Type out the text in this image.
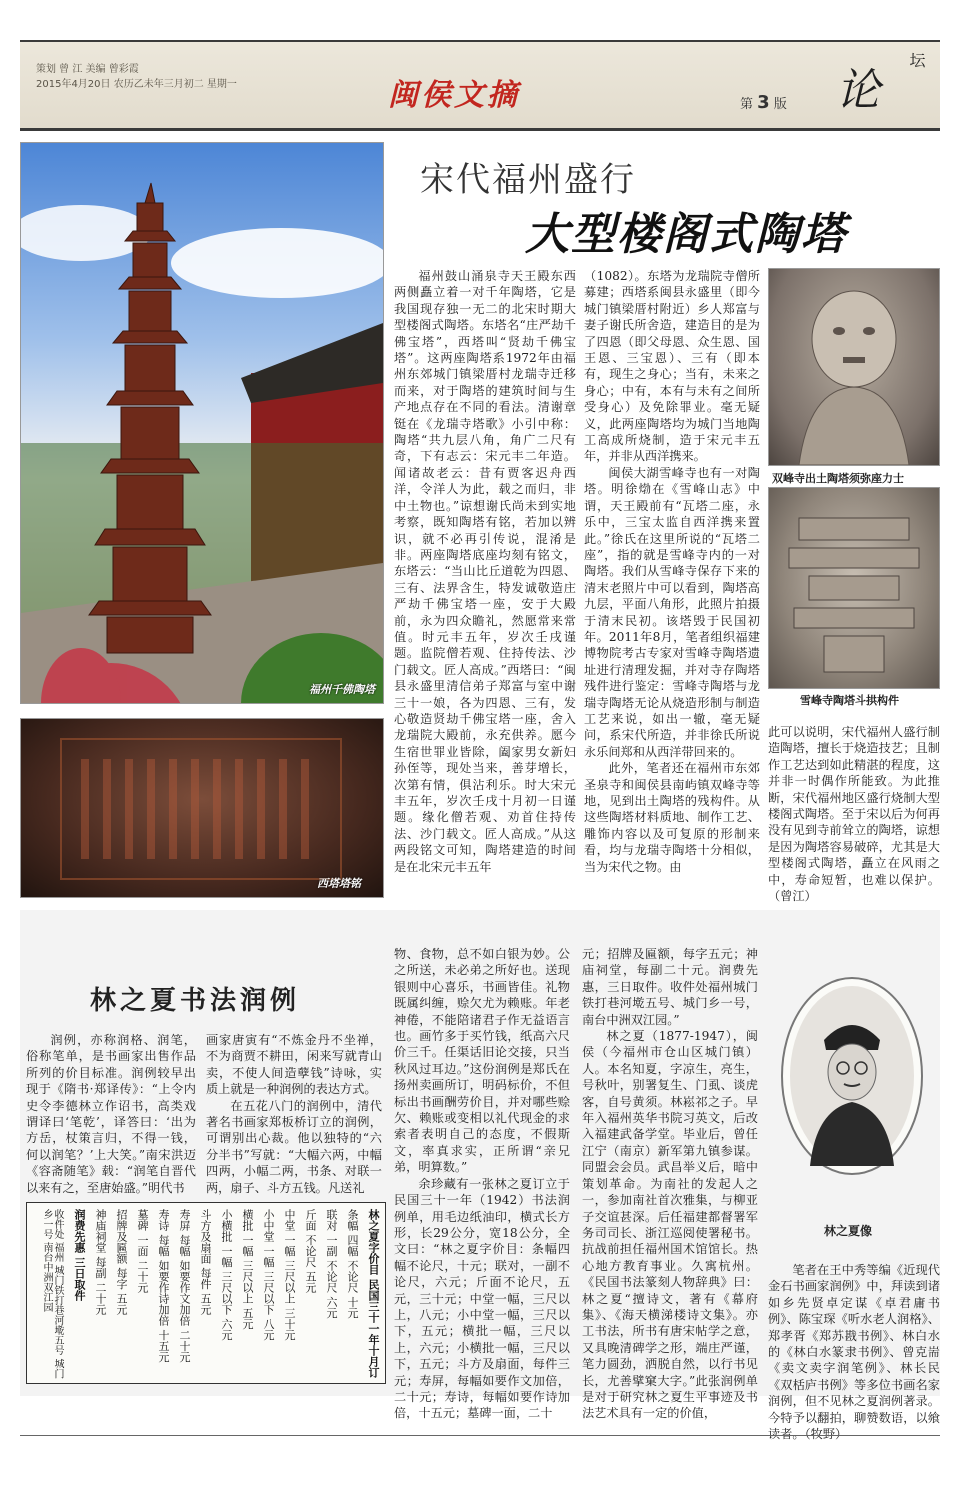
策划 曾 江 美编 曾彩霞
2015年4月20日 农历乙未年三月初二 星期一	闽侯文摘	第 3 版 论
坛
福州千佛陶塔
西塔塔铭
双峰寺出土陶塔须弥座力士
雪峰寺陶塔斗拱构件
宋代福州盛行
大型楼阁式陶塔

福州鼓山涌泉寺天王殿东西两侧矗立着一对千年陶塔，它是我国现存独一无二的北宋时期大型楼阁式陶塔。东塔名“庄严劫千佛宝塔”，西塔叫“贤劫千佛宝塔”。这两座陶塔系1972年由福州东郊城门镇梁厝村龙瑞寺迁移而来，对于陶塔的建筑时间与生产地点存在不同的看法。清谢章铤在《龙瑞寺塔歌》小引中称：陶塔“共九层八角，角广二尺有奇，下有志云：宋元丰二年造。闻诸故老云：昔有贾客迟舟西洋，令洋人为此，载之而归，非中土物也。”谅想谢氏尚未到实地考察，既知陶塔有铭，若加以辨识，就不必再引传说，混淆是非。两座陶塔底座均刻有铭文，东塔云：“当山比丘道乾为四恩、三有、法界含生，特发诚敬造庄严劫千佛宝塔一座，安于大殿前，永为四众瞻礼，然愿常来常值。时元丰五年，岁次壬戌谨题。监院僧若观、住持传法、沙门载文。匠人高成。”西塔曰：“闽县永盛里清信弟子郑富与室中谢三十一娘，各为四恩、三有，发心敬造贤劫千佛宝塔一座，舍入龙瑞院大殿前，永充供养。愿今生宿世罪业皆除，阖家男女新妇孙侄等，现处当来，善芽增长，次第有情，俱沾利乐。时大宋元丰五年，岁次壬戌十月初一日谨题。缘化僧若观、劝首住持传法、沙门载文。匠人高成。”从这两段铭文可知，陶塔建造的时间是在北宋元丰五年

（1082）。东塔为龙瑞院寺僧所募建；西塔系闽县永盛里（即今城门镇梁厝村附近）乡人郑富与妻子谢氏所舍造，建造目的是为了四恩（即父母恩、众生恩、国王恩、三宝恩）、三有（即本有，现生之身心；当有，未来之身心；中有，本有与未有之间所受身心）及免除罪业。毫无疑义，此两座陶塔均为城门当地陶工高成所烧制，造于宋元丰五年，并非从西洋携来。

闽侯大湖雪峰寺也有一对陶塔。明徐𤊹在《雪峰山志》中谓，天王殿前有“瓦塔二座，永乐中，三宝太监自西洋携来置此。”徐氏在这里所说的“瓦塔二座”，指的就是雪峰寺内的一对陶塔。我们从雪峰寺保存下来的清末老照片中可以看到，陶塔高九层，平面八角形，此照片拍摄于清末民初。该塔毁于民国初年。2011年8月，笔者组织福建博物院考古专家对雪峰寺陶塔遗址进行清理发掘，并对寺存陶塔残件进行鉴定：雪峰寺陶塔与龙瑞寺陶塔无论从烧造形制与制造工艺来说，如出一辙，毫无疑问，系宋代所造，并非徐氏所说永乐间郑和从西洋带回来的。

此外，笔者还在福州市东郊圣泉寺和闽侯县南屿镇双峰寺等地，见到出土陶塔的残构件。从这些陶塔材料质地、制作工艺、雕饰内容以及可复原的形制来看，均与龙瑞寺陶塔十分相似，当为宋代之物。由

此可以说明，宋代福州人盛行制造陶塔，擅长于烧造技艺；且制作工艺达到如此精湛的程度，这并非一时偶作所能致。为此推断，宋代福州地区盛行烧制大型楼阁式陶塔。至于宋以后为何再没有见到寺前耸立的陶塔，谅想是因为陶塔容易破碎，尤其是大型楼阁式陶塔，矗立在风雨之中，寿命短暂，也难以保护。（曾江）

林之夏书法润例

润例，亦称润格、润笔，俗称笔单，是书画家出售作品所列的价目标准。润例较早出现于《隋书·郑译传》：“上令内史令李德林立作诏书，高类戏谓译曰‘笔乾’，译答曰：‘出为方岳，杖策言归，不得一钱，何以润笔？’上大笑。”南宋洪迈《容斋随笔》载：“润笔自晋代以来有之，至唐始盛。”明代书

画家唐寅有“不炼金丹不坐禅，不为商贾不耕田，闲来写就青山卖，不使人间造孽钱”诗咏，实质上就是一种润例的表达方式。

在五花八门的润例中，清代著名书画家郑板桥订立的润例，可谓别出心裁。他以独特的“六分半书”写就：“大幅六两，中幅四两，小幅二两，书条、对联一两，扇子、斗方五钱。凡送礼

物、食物，总不如白银为妙。公之所送，未必弟之所好也。送现银则中心喜乐，书画皆佳。礼物既属纠缠，赊欠尤为赖账。年老神倦，不能陪诸君子作无益语言也。画竹多于买竹钱，纸高六尺价三千。任渠话旧论交接，只当秋风过耳边。”这份润例是郑氏在扬州卖画所订，明码标价，不但标出书画酬劳价目，并对哪些赊欠、赖账或变相以礼代现金的求索者表明自己的态度，不假斯文，率真求实，正所谓“亲兄弟，明算数。”

余珍藏有一张林之夏订立于民国三十一年（1942）书法润例单，用毛边纸油印，横式长方形，长29公分，宽18公分，全文曰：“林之夏字价目：条幅四幅不论尺，十元；联对，一副不论尺，六元；斤面不论尺，五元，三十元；中堂一幅，三尺以上，八元；小中堂一幅，三尺以下，五元；横批一幅，三尺以上，六元；小横批一幅，三尺以下，五元；斗方及扇面，每件三元；寿屏，每幅如要作文加倍，二十元；寿诗，每幅如要作诗加倍，十五元；墓碑一面，二十

元；招牌及匾额，每字五元；神庙祠堂，每副二十元。润费先惠，三日取件。收件处福州城门铁打巷河墘五号、城门乡一号，南台中洲双江园。”

林之夏（1877-1947），闽侯（今福州市仓山区城门镇）人。本名知夏，字凉生，亮生，号秋叶，别署复生、门虱、谈虎客，自号黄须。林崧祁之子。早年入福州英华书院习英文，后改入福建武备学堂。毕业后，曾任江宁（南京）新军第九镇参谋。同盟会会员。武昌举义后，暗中策划革命。为南社的发起人之一，参加南社首次雅集，与柳亚子交谊甚深。后任福建都督署军务司司长、浙江巡阅使署秘书。抗战前担任福州国术馆馆长。热心地方教育事业。久寓杭州。《民国书法篆刻人物辞典》曰：林之夏“擅诗文，著有《幕府集》、《海天横涕楼诗文集》。亦工书法，所书有唐宋帖学之意，又具晚清碑学之形，端庄严谨，笔力圆劲，洒脱自然，以行书见长，尤善擘窠大字。”此张润例单是对于研究林之夏生平事迹及书法艺术具有一定的价值，

林之夏像

笔者在王中秀等编《近现代金石书画家润例》中，拜读到诸如乡先贤卓定谋《卓君庸书例》、陈宝琛《听水老人润格》、郑孝胥《郑苏戡书例》、林白水的《林白水篆隶书例》、曾克耑《卖文卖字润笔例》、林长民《双栝庐书例》等多位书画名家润例，但不见林之夏润例著录。今特予以翻拍，聊赞数语，以飨

林之夏字价目 民国三十一年十月订
条幅 四幅 不论尺 十元
联对 一副 不论尺 六元
斤面 不论尺 五元
中堂 一幅 三尺以上 三十元
小中堂 一幅 三尺以下 八元
横批 一幅 三尺以上 五元
小横批 一幅 三尺以下 六元
斗方及扇面 每件 五元
寿屏 每幅 如要作文加倍 二十元
寿诗 每幅 如要作诗加倍 十五元
墓碑 一面 二十元
招牌及匾额 每字 五元
神庙祠堂 每副 二十元
润费先惠 三日取件
收件处 福州 城门铁打巷河墘五号 城门乡一号 南台中洲双江园
